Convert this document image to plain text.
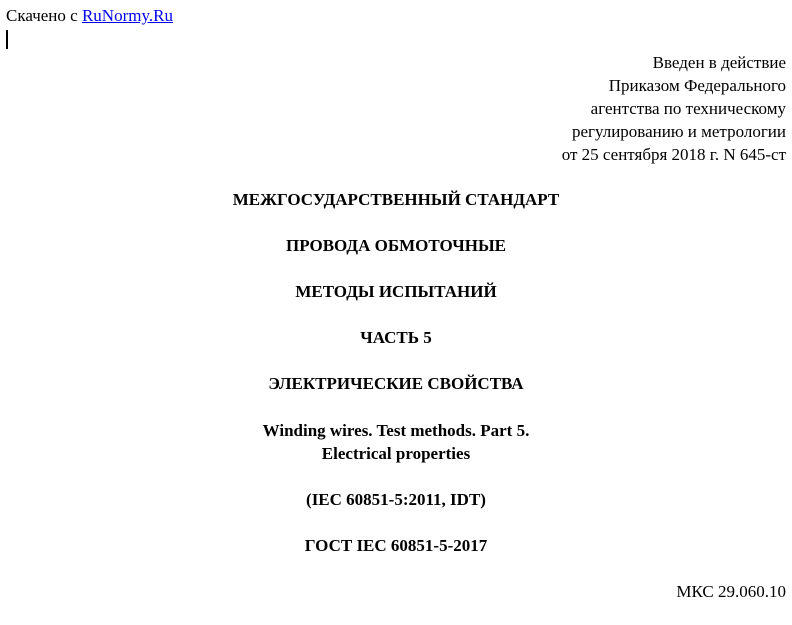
Скачено с RuNormy.Ru
Введен в действие
Приказом Федерального
агентства по техническому
регулированию и метрологии
от 25 сентября 2018 г. N 645-ст
МЕЖГОСУДАРСТВЕННЫЙ СТАНДАРТ
ПРОВОДА ОБМОТОЧНЫЕ
МЕТОДЫ ИСПЫТАНИЙ
ЧАСТЬ 5
ЭЛЕКТРИЧЕСКИЕ СВОЙСТВА
Winding wires. Test methods. Part 5.
Electrical properties
(IEC 60851-5:2011, IDT)
ГОСТ IEC 60851-5-2017
МКС 29.060.10
